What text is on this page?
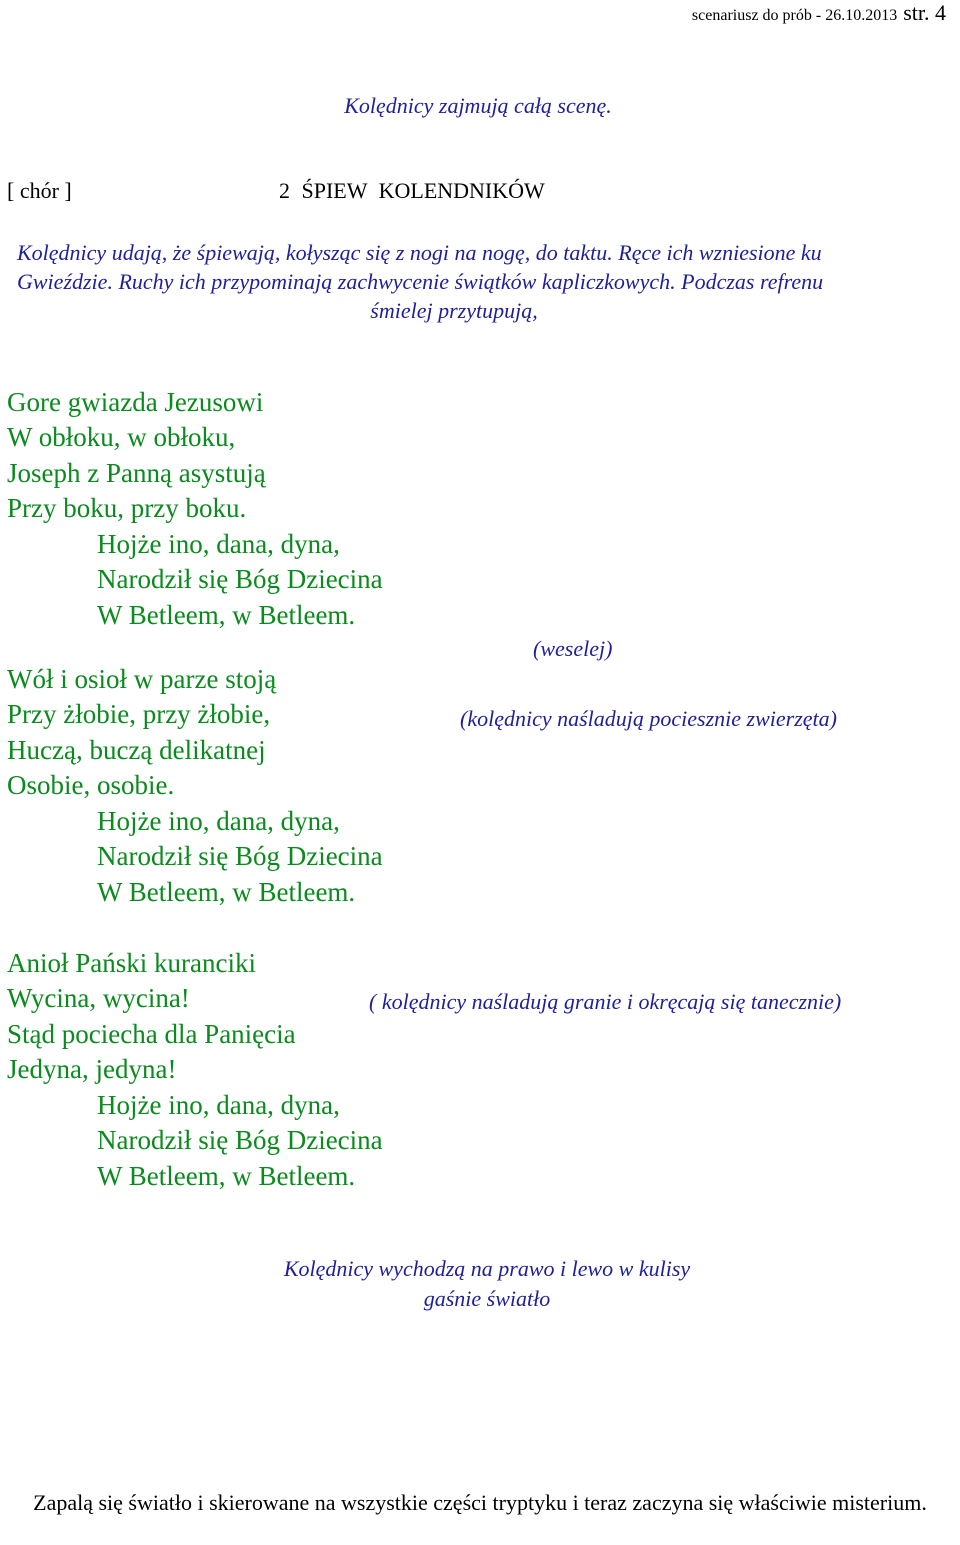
scenariusz do prób - 26.10.2013 str. 4
Kolędnicy zajmują całą scenę.
[ chór ]	2 ŚPIEW KOLENDNIKÓW
Kolędnicy udają, że śpiewają, kołysząc się z nogi na nogę, do taktu. Ręce ich wzniesione ku
Gwieździe. Ruchy ich przypominają zachwycenie świątków kapliczkowych. Podczas refrenu
śmielej przytupują,
Gore gwiazda Jezusowi
W obłoku, w obłoku,
Joseph z Panną asystują
Przy boku, przy boku.
Hojże ino, dana, dyna,
Narodził się Bóg Dziecina
W Betleem, w Betleem.
(weselej)
Wół i osioł w parze stoją
Przy żłobie, przy żłobie,
Huczą, buczą delikatnej
Osobie, osobie.
(kolędnicy naśladują pociesznie zwierzęta)
Hojże ino, dana, dyna,
Narodził się Bóg Dziecina
W Betleem, w Betleem.
Anioł Pański kuranciki
Wycina, wycina!
Stąd pociecha dla Panięcia
Jedyna, jedyna!
( kolędnicy naśladują granie i okręcają się tanecznie)
Hojże ino, dana, dyna,
Narodził się Bóg Dziecina
W Betleem, w Betleem.
Kolędnicy wychodzą na prawo i lewo w kulisy
gaśnie światło
Zapalą się światło i skierowane na wszystkie części tryptyku i teraz zaczyna się właściwie misterium.
